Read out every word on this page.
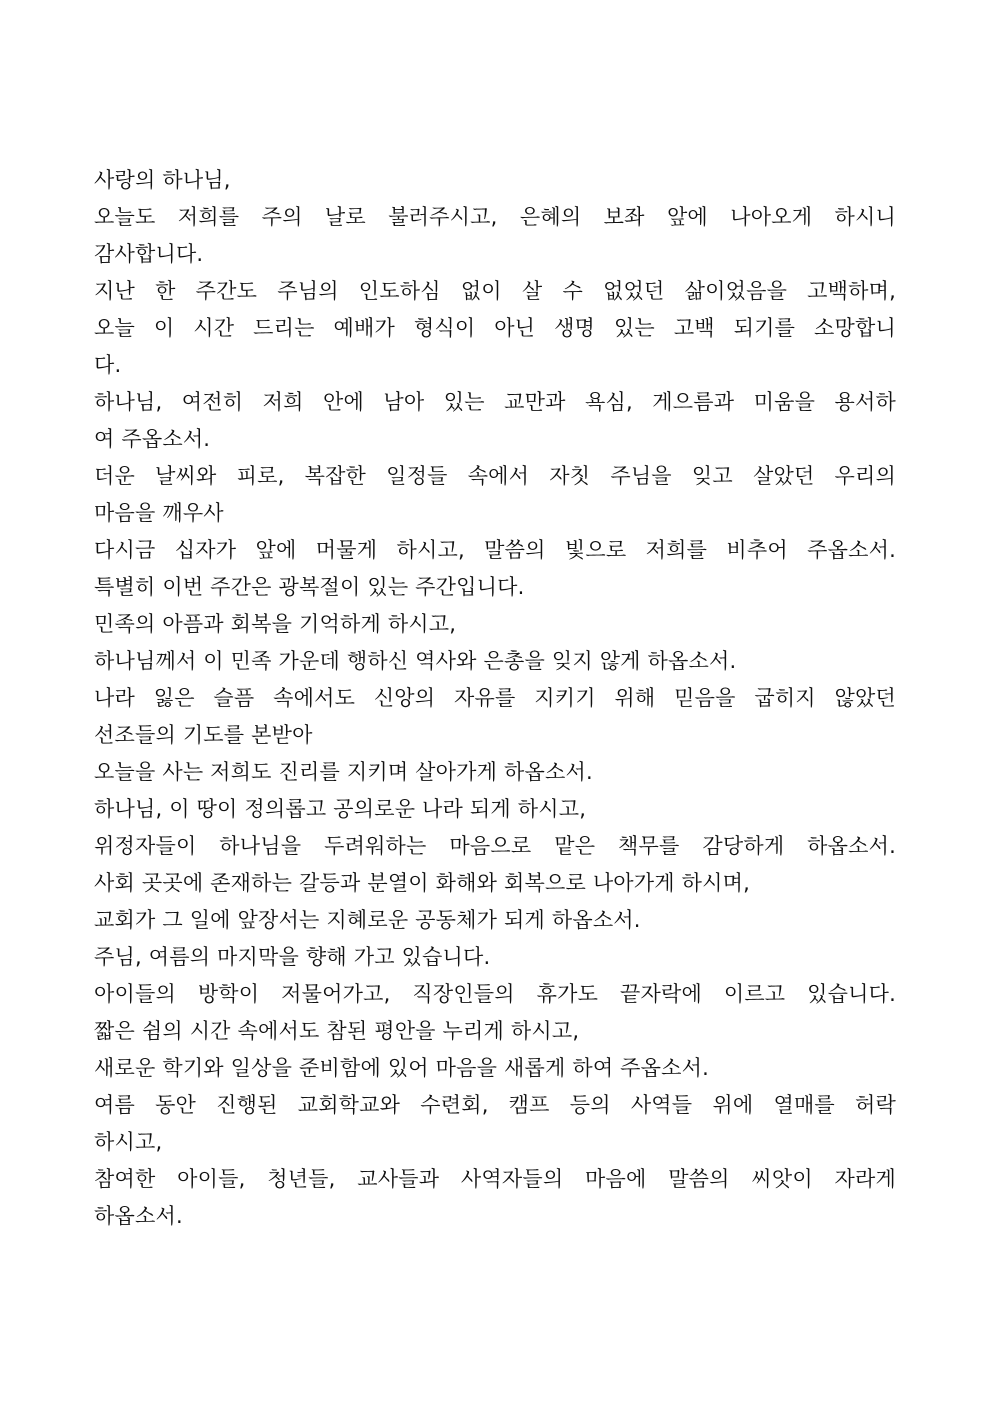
사랑의 하나님,
오늘도 저희를 주의 날로 불러주시고, 은혜의 보좌 앞에 나아오게 하시니
감사합니다.
지난 한 주간도 주님의 인도하심 없이 살 수 없었던 삶이었음을 고백하며,
오늘 이 시간 드리는 예배가 형식이 아닌 생명 있는 고백 되기를 소망합니
다.
하나님, 여전히 저희 안에 남아 있는 교만과 욕심, 게으름과 미움을 용서하
여 주옵소서.
더운 날씨와 피로, 복잡한 일정들 속에서 자칫 주님을 잊고 살았던 우리의
마음을 깨우사
다시금 십자가 앞에 머물게 하시고, 말씀의 빛으로 저희를 비추어 주옵소서.
특별히 이번 주간은 광복절이 있는 주간입니다.
민족의 아픔과 회복을 기억하게 하시고,
하나님께서 이 민족 가운데 행하신 역사와 은총을 잊지 않게 하옵소서.
나라 잃은 슬픔 속에서도 신앙의 자유를 지키기 위해 믿음을 굽히지 않았던
선조들의 기도를 본받아
오늘을 사는 저희도 진리를 지키며 살아가게 하옵소서.
하나님, 이 땅이 정의롭고 공의로운 나라 되게 하시고,
위정자들이 하나님을 두려워하는 마음으로 맡은 책무를 감당하게 하옵소서.
사회 곳곳에 존재하는 갈등과 분열이 화해와 회복으로 나아가게 하시며,
교회가 그 일에 앞장서는 지혜로운 공동체가 되게 하옵소서.
주님, 여름의 마지막을 향해 가고 있습니다.
아이들의 방학이 저물어가고, 직장인들의 휴가도 끝자락에 이르고 있습니다.
짧은 쉼의 시간 속에서도 참된 평안을 누리게 하시고,
새로운 학기와 일상을 준비함에 있어 마음을 새롭게 하여 주옵소서.
여름 동안 진행된 교회학교와 수련회, 캠프 등의 사역들 위에 열매를 허락
하시고,
참여한 아이들, 청년들, 교사들과 사역자들의 마음에 말씀의 씨앗이 자라게
하옵소서.
